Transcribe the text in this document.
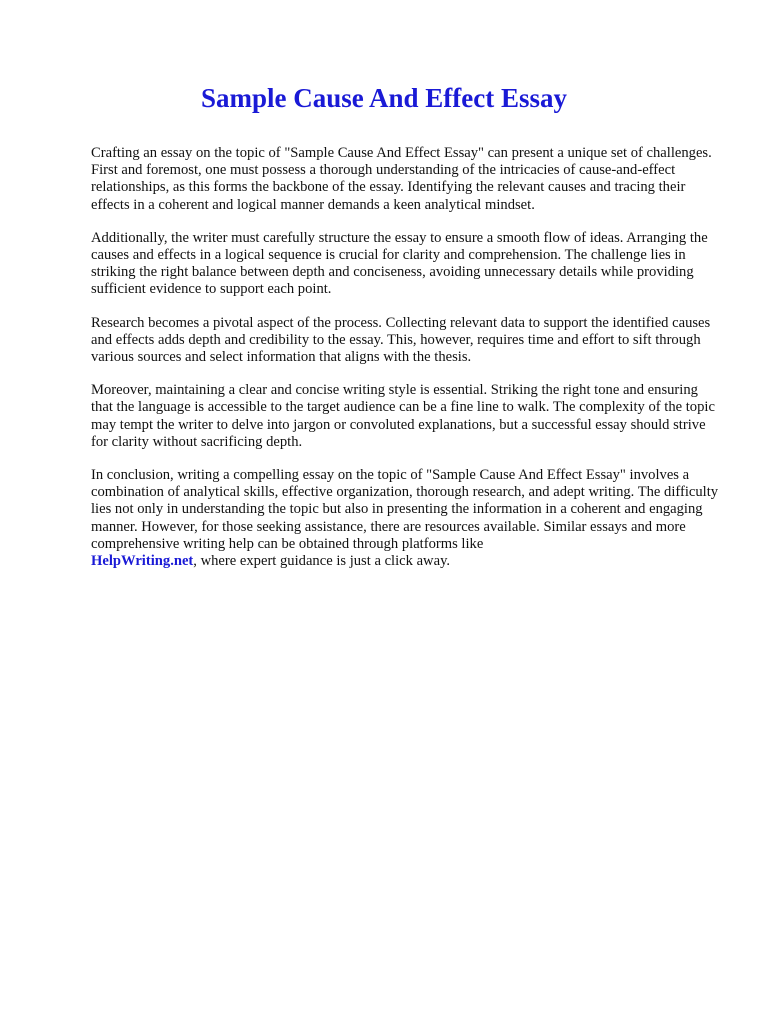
Sample Cause And Effect Essay

Crafting an essay on the topic of "Sample Cause And Effect Essay" can present a unique set of challenges. First and foremost, one must possess a thorough understanding of the intricacies of cause-and-effect relationships, as this forms the backbone of the essay. Identifying the relevant causes and tracing their effects in a coherent and logical manner demands a keen analytical mindset.

Additionally, the writer must carefully structure the essay to ensure a smooth flow of ideas. Arranging the causes and effects in a logical sequence is crucial for clarity and comprehension. The challenge lies in striking the right balance between depth and conciseness, avoiding unnecessary details while providing sufficient evidence to support each point.

Research becomes a pivotal aspect of the process. Collecting relevant data to support the identified causes and effects adds depth and credibility to the essay. This, however, requires time and effort to sift through various sources and select information that aligns with the thesis.

Moreover, maintaining a clear and concise writing style is essential. Striking the right tone and ensuring that the language is accessible to the target audience can be a fine line to walk. The complexity of the topic may tempt the writer to delve into jargon or convoluted explanations, but a successful essay should strive for clarity without sacrificing depth.

In conclusion, writing a compelling essay on the topic of "Sample Cause And Effect Essay" involves a combination of analytical skills, effective organization, thorough research, and adept writing. The difficulty lies not only in understanding the topic but also in presenting the information in a coherent and engaging manner. However, for those seeking assistance, there are resources available. Similar essays and more comprehensive writing help can be obtained through platforms like
HelpWriting.net, where expert guidance is just a click away.
